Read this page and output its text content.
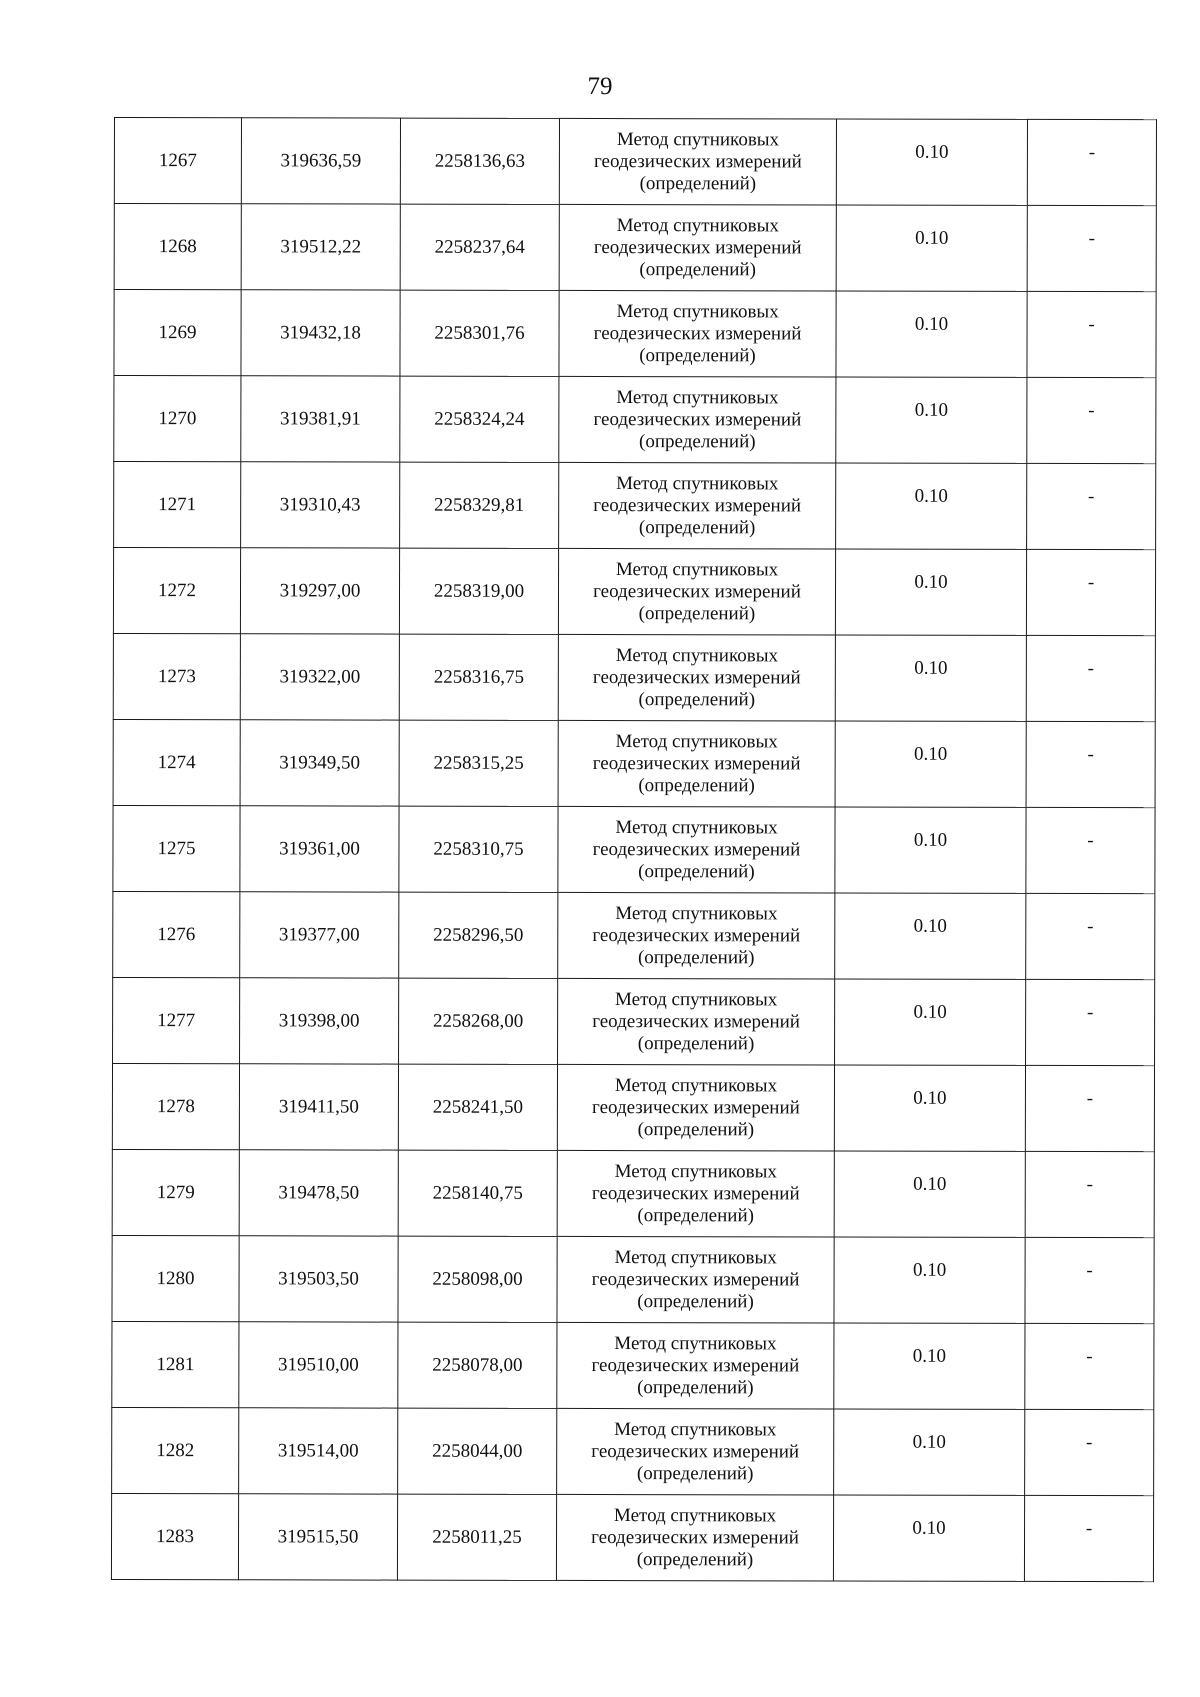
79
1267	319636,59	2258136,63	Метод спутниковых
геодезических измерений
(определений)	0.10	-
1268	319512,22	2258237,64	Метод спутниковых
геодезических измерений
(определений)	0.10	-
1269	319432,18	2258301,76	Метод спутниковых
геодезических измерений
(определений)	0.10	-
1270	319381,91	2258324,24	Метод спутниковых
геодезических измерений
(определений)	0.10	-
1271	319310,43	2258329,81	Метод спутниковых
геодезических измерений
(определений)	0.10	-
1272	319297,00	2258319,00	Метод спутниковых
геодезических измерений
(определений)	0.10	-
1273	319322,00	2258316,75	Метод спутниковых
геодезических измерений
(определений)	0.10	-
1274	319349,50	2258315,25	Метод спутниковых
геодезических измерений
(определений)	0.10	-
1275	319361,00	2258310,75	Метод спутниковых
геодезических измерений
(определений)	0.10	-
1276	319377,00	2258296,50	Метод спутниковых
геодезических измерений
(определений)	0.10	-
1277	319398,00	2258268,00	Метод спутниковых
геодезических измерений
(определений)	0.10	-
1278	319411,50	2258241,50	Метод спутниковых
геодезических измерений
(определений)	0.10	-
1279	319478,50	2258140,75	Метод спутниковых
геодезических измерений
(определений)	0.10	-
1280	319503,50	2258098,00	Метод спутниковых
геодезических измерений
(определений)	0.10	-
1281	319510,00	2258078,00	Метод спутниковых
геодезических измерений
(определений)	0.10	-
1282	319514,00	2258044,00	Метод спутниковых
геодезических измерений
(определений)	0.10	-
1283	319515,50	2258011,25	Метод спутниковых
геодезических измерений
(определений)	0.10	-
